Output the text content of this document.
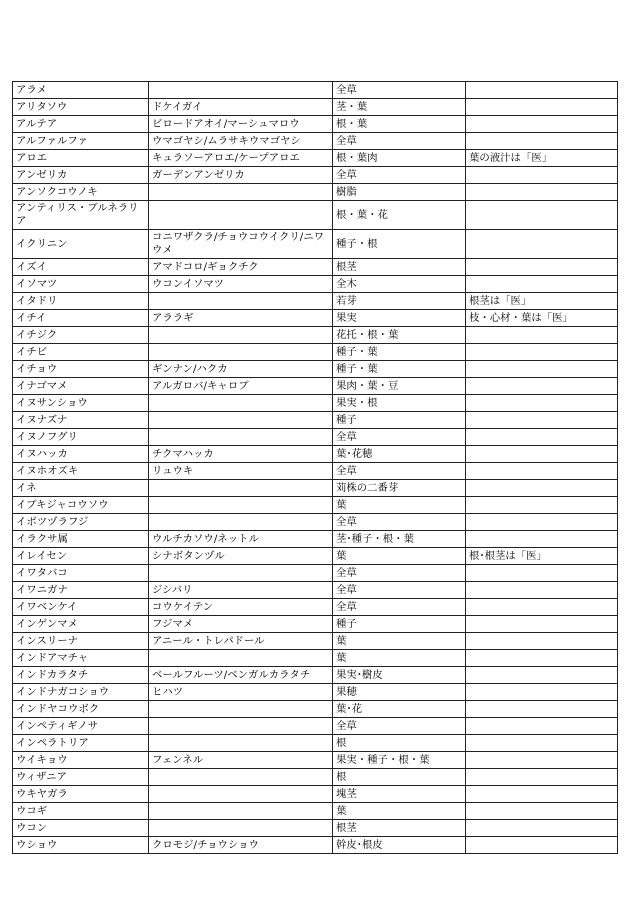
アラメ		全草	
アリタソウ	ドケイガイ	茎・葉	
アルテア	ビロードアオイ/マーシュマロウ	根・葉	
アルファルファ	ウマゴヤシ/ムラサキウマゴヤシ	全草	
アロエ	キュラソーアロエ/ケープアロエ	根・葉肉	葉の液汁は「医」
アンゼリカ	ガーデンアンゼリカ	全草	
アンソクコウノキ		樹脂	
アンティリス・ブルネラリア		根・葉・花	
イクリニン	コニワザクラ/チョウコウイクリ/ニワウメ	種子・根	
イズイ	アマドコロ/ギョクチク	根茎	
イソマツ	ウコンイソマツ	全木	
イタドリ		若芽	根茎は「医」
イチイ	アララギ	果実	枝・心材・葉は「医」
イチジク		花托・根・葉	
イチビ		種子・葉	
イチョウ	ギンナン/ハクカ	種子・葉	
イナゴマメ	アルガロバ/キャロブ	果肉・葉・豆	
イヌサンショウ		果実・根	
イヌナズナ		種子	
イヌノフグリ		全草	
イヌハッカ	チクマハッカ	葉･花穂	
イヌホオズキ	リュウキ	全草	
イネ		苅株の二番芽	
イブキジャコウソウ		葉	
イボツヅラフジ		全草	
イラクサ属	ウルチカソウ/ネットル	茎･種子・根・葉	
イレイセン	シナボタンヅル	葉	根･根茎は「医」
イワタバコ		全草	
イワニガナ	ジシバリ	全草	
イワベンケイ	コウケイテン	全草	
インゲンマメ	フジマメ	種子	
インスリーナ	アニール・トレパドール	葉	
インドアマチャ		葉	
インドカラタチ	ベールフルーツ/ベンガルカラタチ	果実･樹皮	
インドナガコショウ	ヒハツ	果穂	
インドヤコウボク		葉･花	
インペティギノサ		全草	
インペラトリア		根	
ウイキョウ	フェンネル	果実・種子・根・葉	
ウィザニア		根	
ウキヤガラ		塊茎	
ウコギ		葉	
ウコン		根茎	
ウショウ	クロモジ/チョウショウ	幹皮･根皮	
